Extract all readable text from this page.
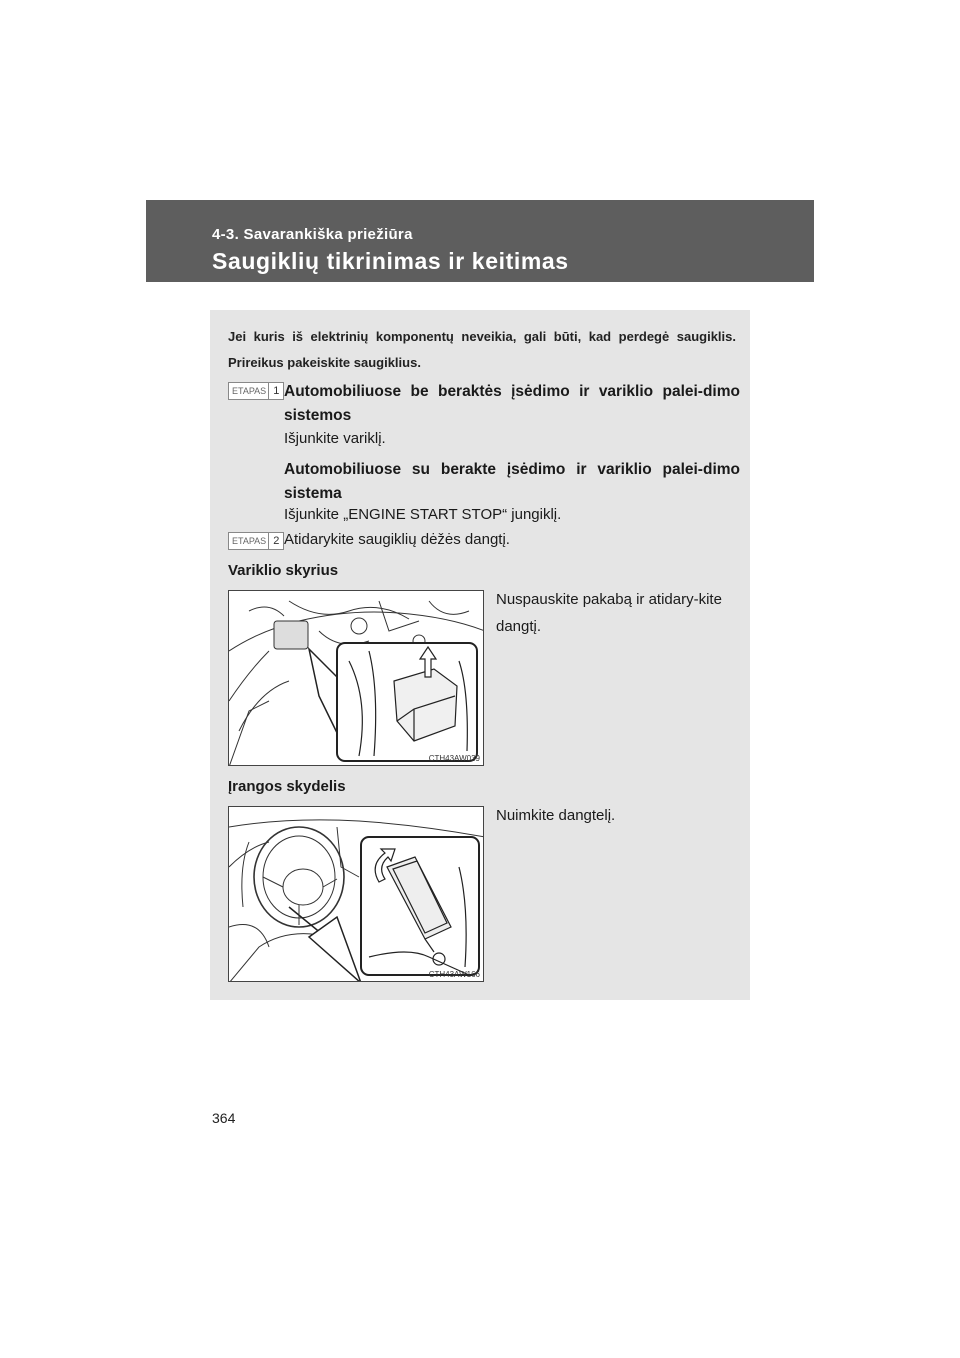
4-3. Savarankiška priežiūra
Saugiklių tikrinimas ir keitimas
Jei kuris iš elektrinių komponentų neveikia, gali būti, kad perdegė saugiklis. Prireikus pakeiskite saugiklius.
ETAPAS 1 Automobiliuose be beraktės įsėdimo ir variklio palei-dimo sistemos
Išjunkite variklį.
Automobiliuose su berakte įsėdimo ir variklio palei-dimo sistema
Išjunkite „ENGINE START STOP“ jungiklį.
ETAPAS 2 Atidarykite saugiklių dėžės dangtį.
Variklio skyrius
Nuspauskite pakabą ir atidary-kite dangtį.
CTH43AW039
Įrangos skydelis
Nuimkite dangtelį.
CTH43AW166
364
